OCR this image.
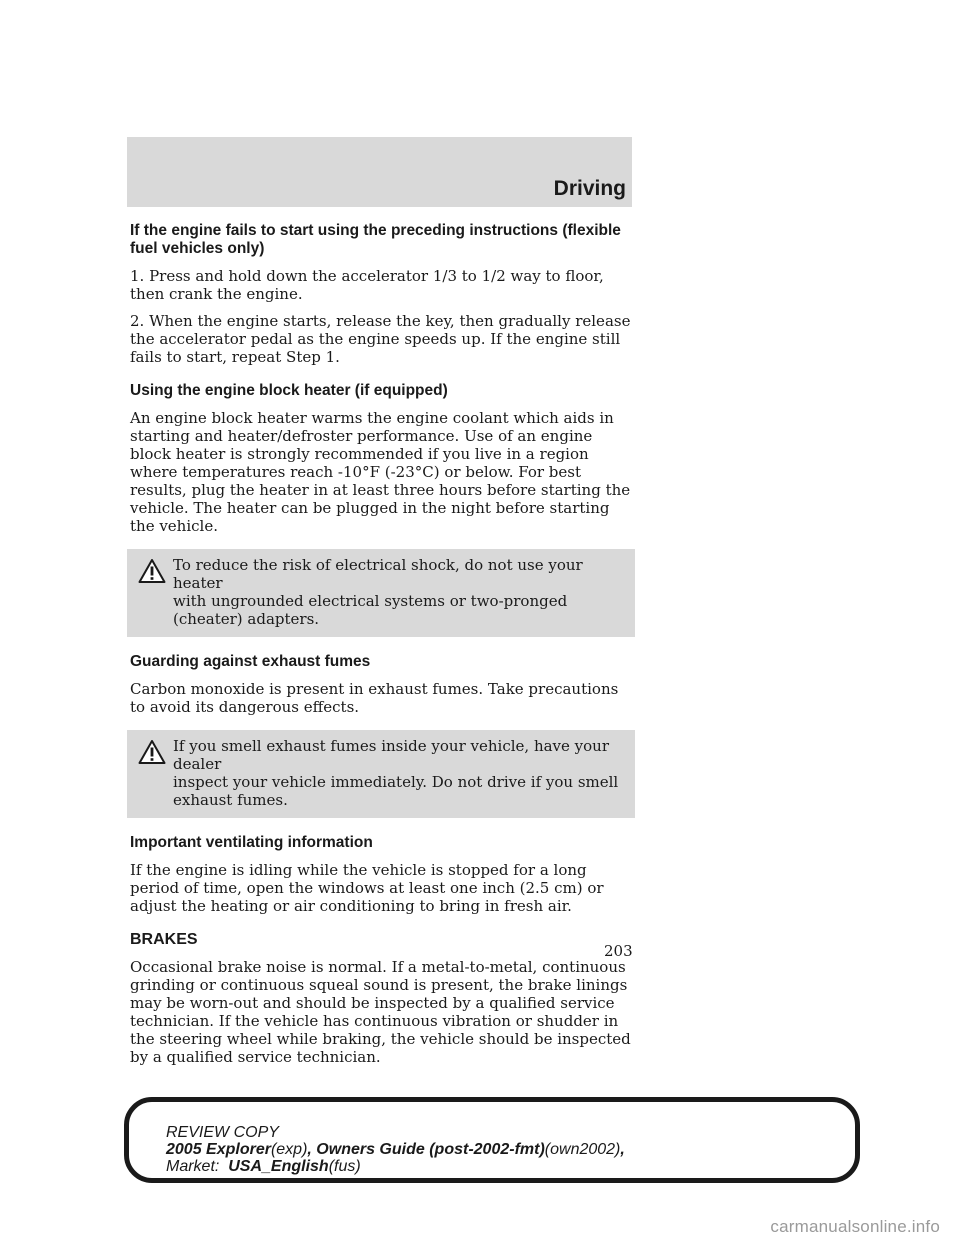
Driving
If the engine fails to start using the preceding instructions (flexible fuel vehicles only)

1. Press and hold down the accelerator 1/3 to 1/2 way to floor, then crank the engine.

2. When the engine starts, release the key, then gradually release the accelerator pedal as the engine speeds up. If the engine still fails to start, repeat Step 1.

Using the engine block heater (if equipped)

An engine block heater warms the engine coolant which aids in starting and heater/defroster performance. Use of an engine block heater is strongly recommended if you live in a region where temperatures reach -10°F (-23°C) or below. For best results, plug the heater in at least three hours before starting the vehicle. The heater can be plugged in the night before starting the vehicle.

To reduce the risk of electrical shock, do not use your heater
with ungrounded electrical systems or two-pronged (cheater) adapters.
Guarding against exhaust fumes

Carbon monoxide is present in exhaust fumes. Take precautions to avoid its dangerous effects.

If you smell exhaust fumes inside your vehicle, have your dealer
inspect your vehicle immediately. Do not drive if you smell exhaust fumes.
Important ventilating information

If the engine is idling while the vehicle is stopped for a long period of time, open the windows at least one inch (2.5 cm) or adjust the heating or air conditioning to bring in fresh air.

BRAKES

Occasional brake noise is normal. If a metal-to-metal, continuous grinding or continuous squeal sound is present, the brake linings may be worn-out and should be inspected by a qualified service technician. If the vehicle has continuous vibration or shudder in the steering wheel while braking, the vehicle should be inspected by a qualified service technician.

203
REVIEW COPY
2005 Explorer(exp), Owners Guide (post-2002-fmt)(own2002),
Market: USA_English(fus)
carmanualsonline.info
